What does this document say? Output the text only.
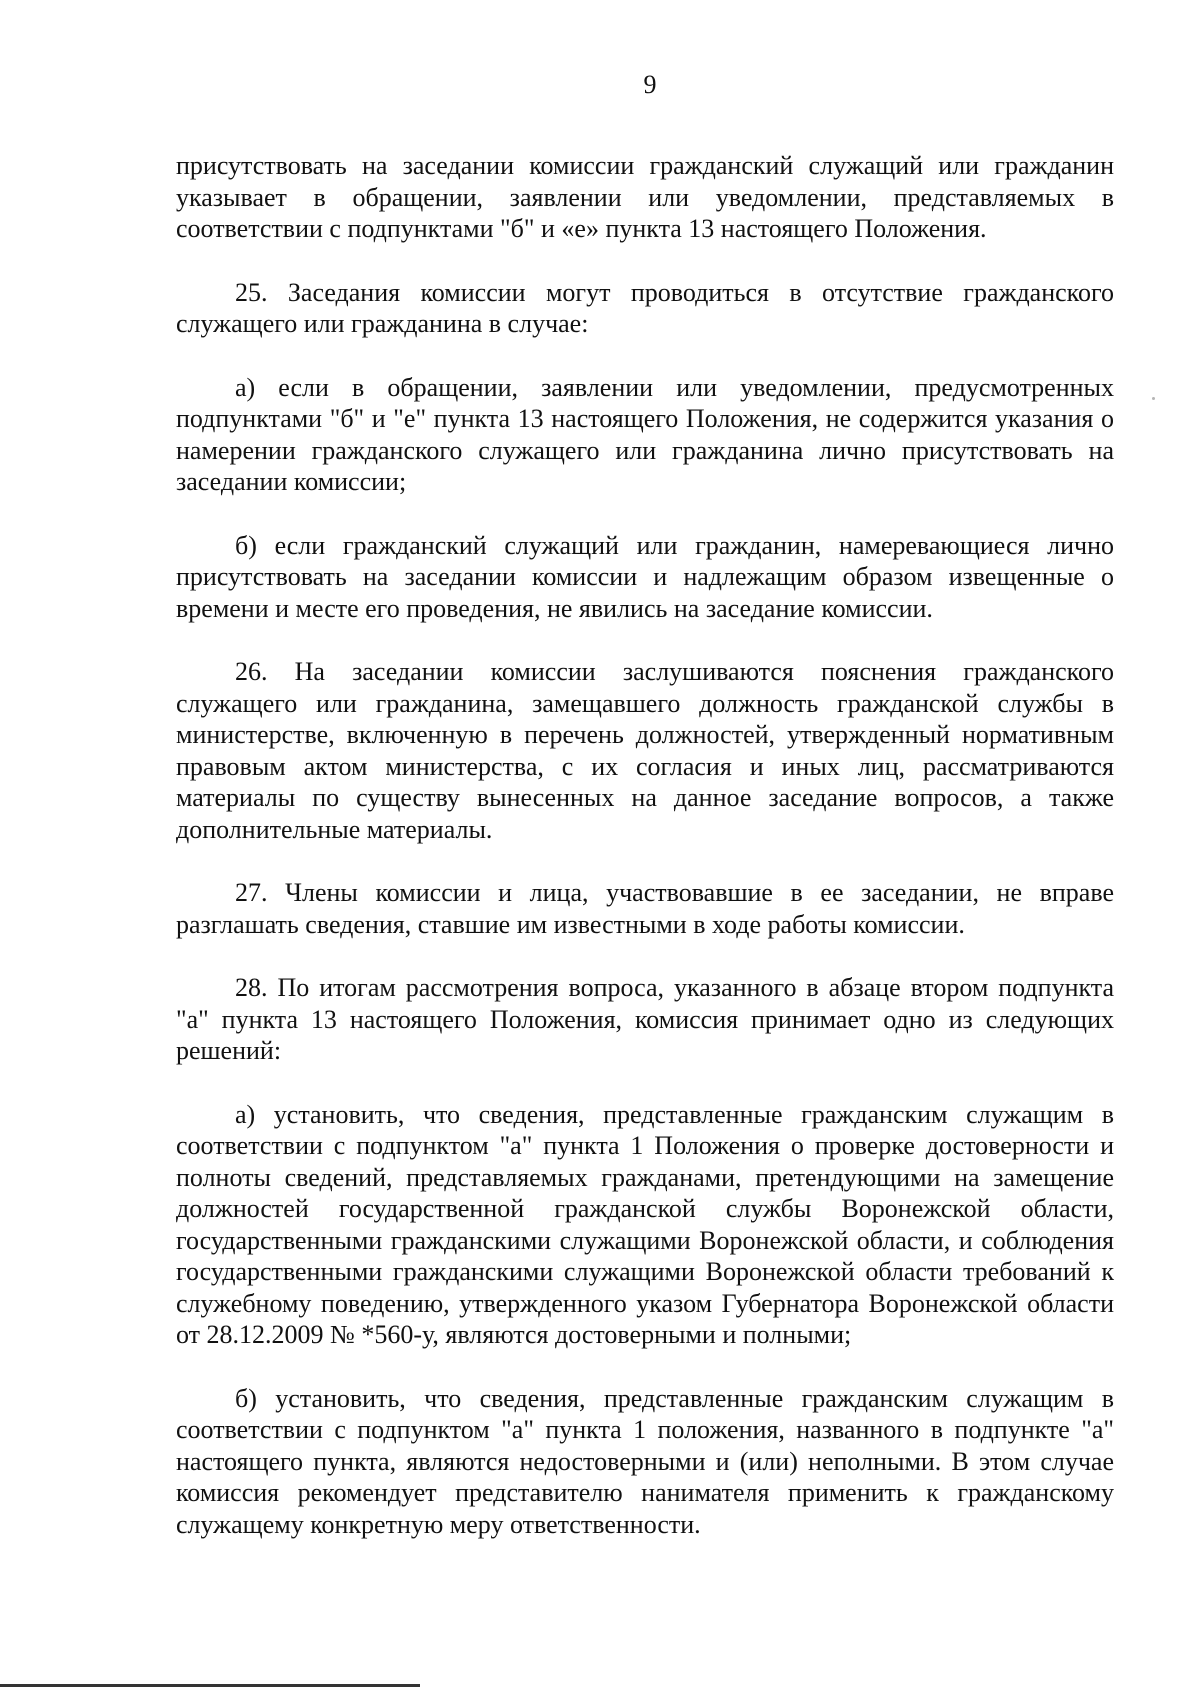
9

присутствовать на заседании комиссии гражданский служащий или гражданин указывает в обращении, заявлении или уведомлении, представляемых в соответствии с подпунктами "б" и «е» пункта 13 настоящего Положения.

25. Заседания комиссии могут проводиться в отсутствие гражданского служащего или гражданина в случае:

а) если в обращении, заявлении или уведомлении, предусмотренных подпунктами "б" и "е" пункта 13 настоящего Положения, не содержится указания о намерении гражданского служащего или гражданина лично присутствовать на заседании комиссии;

б) если гражданский служащий или гражданин, намеревающиеся лично присутствовать на заседании комиссии и надлежащим образом извещенные о времени и месте его проведения, не явились на заседание комиссии.

26. На заседании комиссии заслушиваются пояснения гражданского служащего или гражданина, замещавшего должность гражданской службы в министерстве, включенную в перечень должностей, утвержденный нормативным правовым актом министерства, с их согласия и иных лиц, рассматриваются материалы по существу вынесенных на данное заседание вопросов, а также дополнительные материалы.

27. Члены комиссии и лица, участвовавшие в ее заседании, не вправе разглашать сведения, ставшие им известными в ходе работы комиссии.

28. По итогам рассмотрения вопроса, указанного в абзаце втором подпункта "а" пункта 13 настоящего Положения, комиссия принимает одно из следующих решений:

а) установить, что сведения, представленные гражданским служащим в соответствии с подпунктом "а" пункта 1 Положения о проверке достоверности и полноты сведений, представляемых гражданами, претендующими на замещение должностей государственной гражданской службы Воронежской области, государственными гражданскими служащими Воронежской области, и соблюдения государственными гражданскими служащими Воронежской области требований к служебному поведению, утвержденного указом Губернатора Воронежской области от 28.12.2009 № *560-у, являются достоверными и полными;

б) установить, что сведения, представленные гражданским служащим в соответствии с подпунктом "а" пункта 1 положения, названного в подпункте "а" настоящего пункта, являются недостоверными и (или) неполными. В этом случае комиссия рекомендует представителю нанимателя применить к гражданскому служащему конкретную меру ответственности.
